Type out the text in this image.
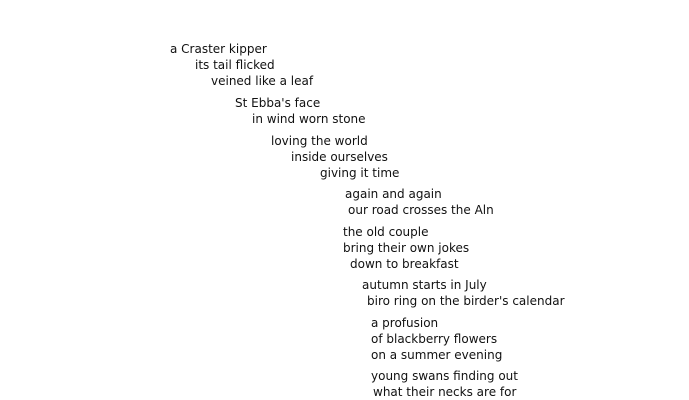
a Craster kipper

its tail flicked

veined like a leaf

St Ebba's face

in wind worn stone

loving the world

inside ourselves

giving it time

again and again

our road crosses the Aln

the old couple

bring their own jokes

down to breakfast

autumn starts in July

biro ring on the birder's calendar

a profusion

of blackberry flowers

on a summer evening

young swans finding out

what their necks are for
